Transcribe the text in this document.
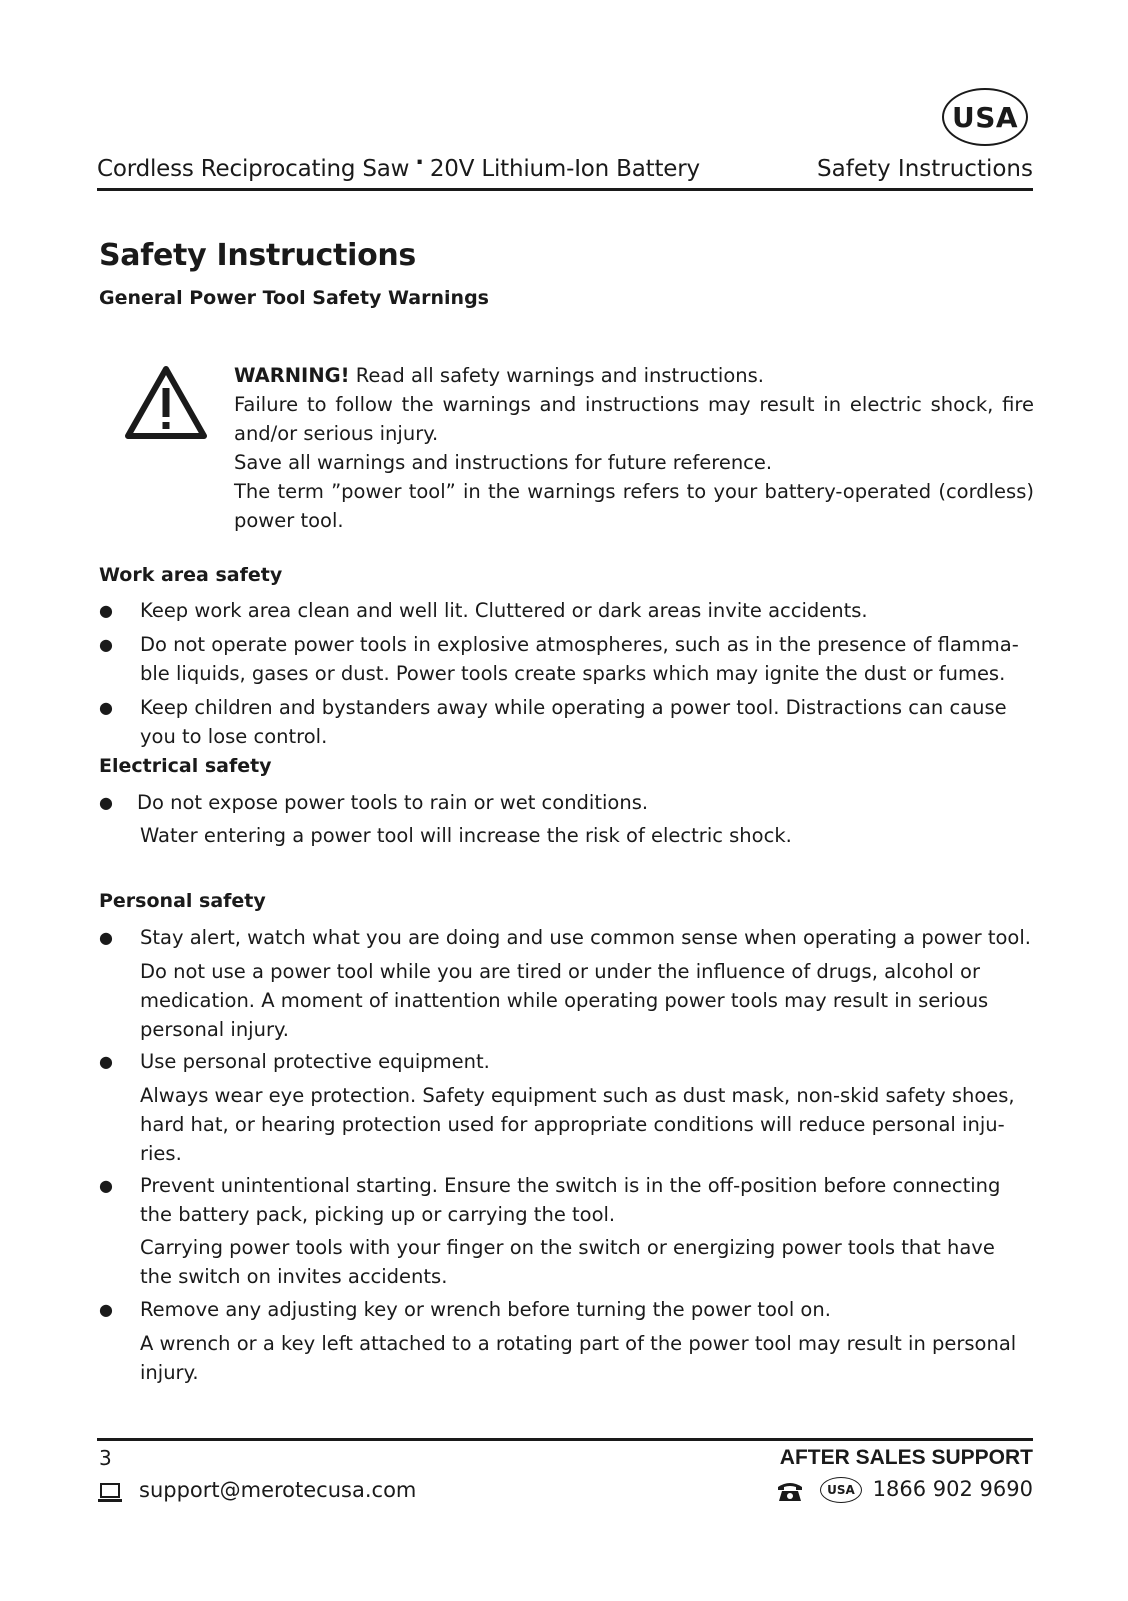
USA
Cordless Reciprocating Saw · 20V Lithium-Ion Battery	Safety Instructions
Safety Instructions
General Power Tool Safety Warnings

WARNING! Read all safety warnings and instructions.

Failure to follow the warnings and instructions may result in electric shock, fire and/or serious injury.

Save all warnings and instructions for future reference.

The term ”power tool” in the warnings refers to your battery-operated (cordless) power tool.

Work area safety
● Keep work area clean and well lit. Cluttered or dark areas invite accidents.
● Do not operate power tools in explosive atmospheres, such as in the presence of flamma- ble liquids, gases or dust. Power tools create sparks which may ignite the dust or fumes.
● Keep children and bystanders away while operating a power tool. Distractions can cause you to lose control.
Electrical safety
● Do not expose power tools to rain or wet conditions.

Water entering a power tool will increase the risk of electric shock.

Personal safety
● Stay alert, watch what you are doing and use common sense when operating a power tool.

Do not use a power tool while you are tired or under the influence of drugs, alcohol or medication. A moment of inattention while operating power tools may result in serious personal injury.

● Use personal protective equipment.

Always wear eye protection. Safety equipment such as dust mask, non-skid safety shoes, hard hat, or hearing protection used for appropriate conditions will reduce personal inju- ries.

● Prevent unintentional starting. Ensure the switch is in the off-position before connecting the battery pack, picking up or carrying the tool.

Carrying power tools with your finger on the switch or energizing power tools that have the switch on invites accidents.

● Remove any adjusting key or wrench before turning the power tool on.

A wrench or a key left attached to a rotating part of the power tool may result in personal injury.

3
support@merotecusa.com
AFTER SALES SUPPORT
USA 1866 902 9690
